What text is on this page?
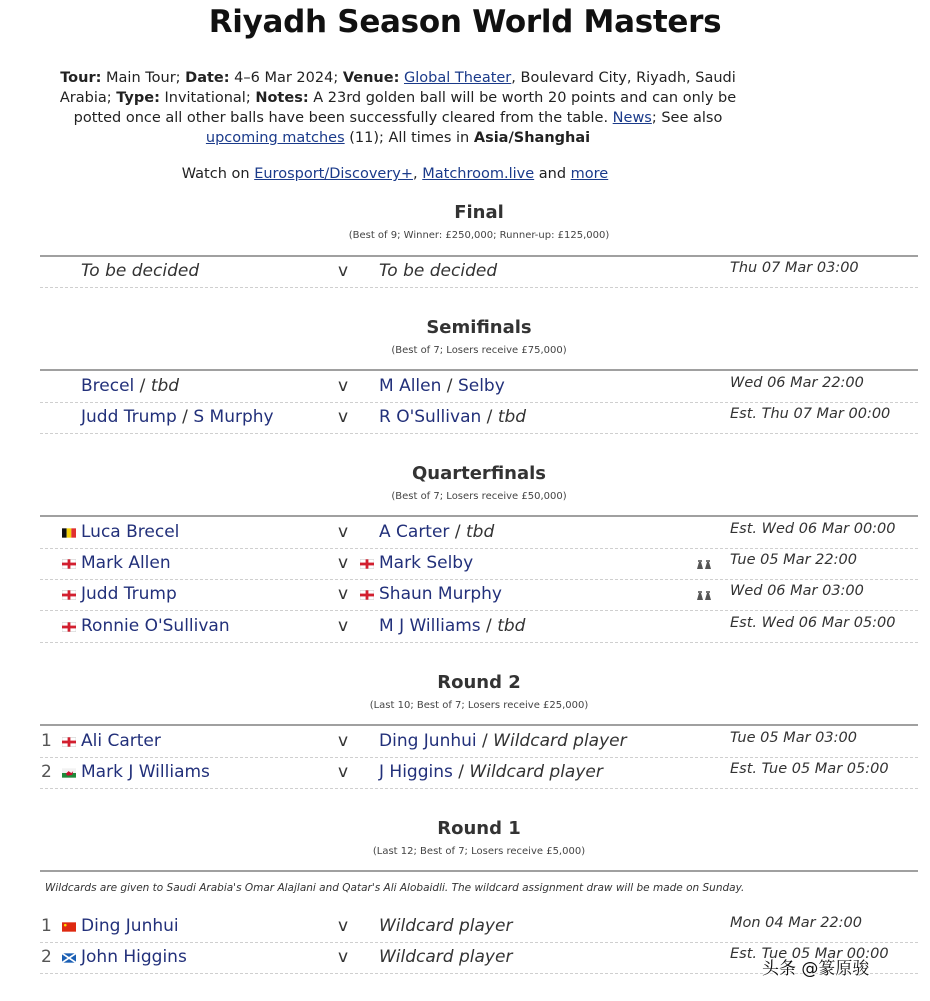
Riyadh Season World Masters
Tour: Main Tour; Date: 4–6 Mar 2024; Venue: Global Theater, Boulevard City, Riyadh, Saudi Arabia; Type: Invitational; Notes: A 23rd golden ball will be worth 20 points and can only be potted once all other balls have been successfully cleared from the table. News; See also upcoming matches (11); All times in Asia/Shanghai
Watch on Eurosport/Discovery+, Matchroom.live and more
Final
(Best of 9; Winner: £250,000; Runner-up: £125,000)
To be decided	v To be decided	Thu 07 Mar 03:00
Semifinals
(Best of 7; Losers receive £75,000)
Brecel / tbd	v M Allen / Selby	Wed 06 Mar 22:00
Judd Trump / S Murphy	v R O'Sullivan / tbd	Est. Thu 07 Mar 00:00
Quarterfinals
(Best of 7; Losers receive £50,000)
Luca Brecel	v A Carter / tbd	Est. Wed 06 Mar 00:00
Mark Allen	v Mark Selby	Tue 05 Mar 22:00
Judd Trump	v Shaun Murphy	Wed 06 Mar 03:00
Ronnie O'Sullivan	v M J Williams / tbd	Est. Wed 06 Mar 05:00
Round 2
(Last 10; Best of 7; Losers receive £25,000)
1 Ali Carter	v Ding Junhui / Wildcard player	Tue 05 Mar 03:00
2 Mark J Williams	v J Higgins / Wildcard player	Est. Tue 05 Mar 05:00
Round 1
(Last 12; Best of 7; Losers receive £5,000)
Wildcards are given to Saudi Arabia's Omar Alajlani and Qatar's Ali Alobaidli. The wildcard assignment draw will be made on Sunday.
1 Ding Junhui	v Wildcard player	Mon 04 Mar 22:00
2 John Higgins	v Wildcard player	Est. Tue 05 Mar 00:00
头条 @篆原骏
